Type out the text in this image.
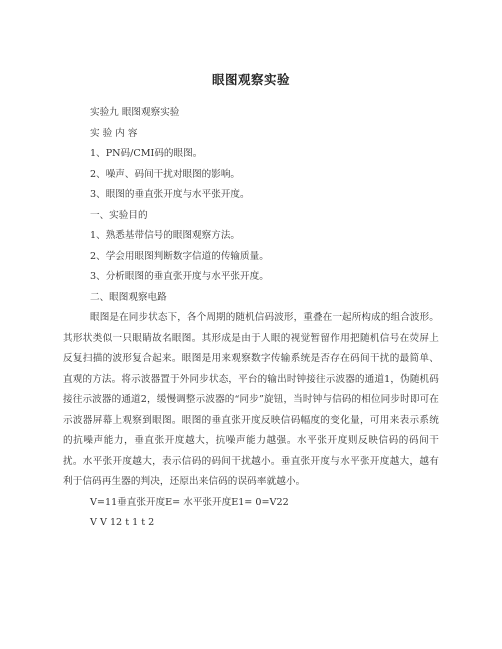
眼图观察实验

实验九 眼图观察实验

实 验 内 容

1、PN码/CMI码的眼图。

2、噪声、码间干扰对眼图的影响。

3、眼图的垂直张开度与水平张开度。

一、实验目的

1、熟悉基带信号的眼图观察方法。

2、学会用眼图判断数字信道的传输质量。

3、分析眼图的垂直张开度与水平张开度。

二、眼图观察电路

眼图是在同步状态下，各个周期的随机信码波形，重叠在一起所构成的组合波形。其形状类似一只眼睛故名眼图。其形成是由于人眼的视觉暂留作用把随机信号在荧屏上反复扫描的波形复合起来。眼图是用来观察数字传输系统是否存在码间干扰的最简单、直观的方法。将示波器置于外同步状态，平台的输出时钟接往示波器的通道1，伪随机码接往示波器的通道2，缓慢调整示波器的“同步”旋钮，当时钟与信码的相位同步时即可在示波器屏幕上观察到眼图。眼图的垂直张开度反映信码幅度的变化量，可用来表示系统的抗噪声能力，垂直张开度越大，抗噪声能力越强。水平张开度则反映信码的码间干扰。水平张开度越大，表示信码的码间干扰越小。垂直张开度与水平张开度越大，越有利于信码再生器的判决，还原出来信码的误码率就越小。

V=11垂直张开度E= 水平张开度E1= 0=V22

V V 12 t 1 t 2
